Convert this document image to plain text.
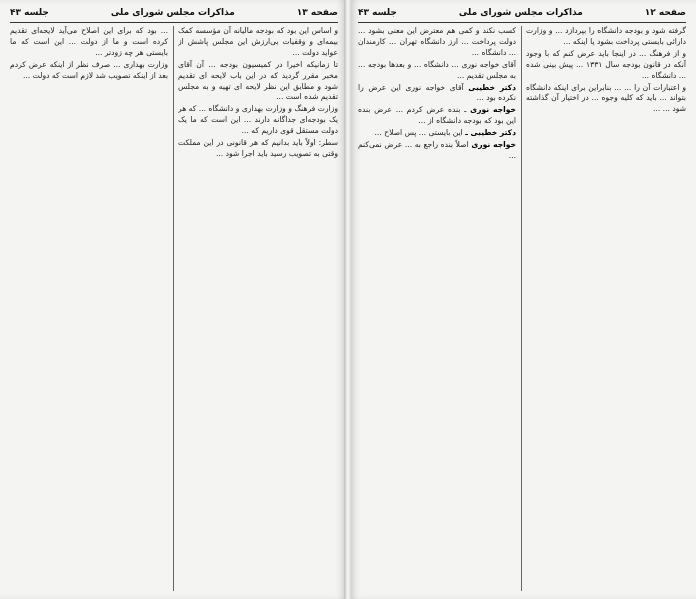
صفحه ۱۳
مذاکرات مجلس شورای ملی
جلسه ۴۳

و اساس این بود که بودجه مالیانه آن مؤسسه کمک بیمه‌ای و وقفیات بی‌ارزش این مجلس پاشش از عواید دولت ...

تا زمانیکه اخیرا در کمیسیون بودجه ... آن آقای مخبر مقرر گردید که در این باب لایحه ای تقدیم شود و مطابق این نظر لایحه ای تهیه و به مجلس تقدیم شده است ...

وزارت فرهنگ و وزارت بهداری و دانشگاه ... که هر یک بودجه‌ای جداگانه دارند ... این است که ما یک دولت مستقل قوی داریم که ...

سطر: اولاً باید بدانیم که هر قانونی در این مملکت وقتی به تصویب رسید باید اجرا شود ...

... بود که برای این اصلاح می‌آید لایحه‌ای تقدیم کرده است و ما از دولت ... این است که ما بایستی هر چه زودتر ...

وزارت بهداری ... صرف نظر از اینکه عرض کردم بعد از اینکه تصویب شد لازم است که دولت ...

صفحه ۱۲
مذاکرات مجلس شورای ملی
جلسه ۴۳

گرفته شود و بودجه دانشگاه را بپردازد ... و وزارت دارائی بایستی پرداخت بشود یا اینکه ...

و از فرهنگ ... در اینجا باید عرض کنم که با وجود آنکه در قانون بودجه سال ۱۳۳۱ ... پیش بینی شده ... دانشگاه ...

و اعتبارات آن را ... ... بنابراین برای اینکه دانشگاه بتواند ... باید که کلیه وجوه ... در اختیار آن گذاشته شود ... ...

کسب نکند و کمی هم معترض این معنی بشود ... دولت پرداخت ... ارز دانشگاه تهران ... کارمندان ... دانشگاه ...

آقای خواجه نوری ... دانشگاه ... و بعدها بودجه ... به مجلس تقدیم ...

دکتر خطیبی آقای خواجه نوری این عرض را نکرده بود ...

خواجه نوری ـ بنده عرض کردم ... عرض بنده این بود که بودجه دانشگاه از ...

دکتر خطیبی ـ این بایستی ... پس اصلاح ...

خواجه نوری اصلاً بنده راجع به ... عرض نمی‌کنم ...
